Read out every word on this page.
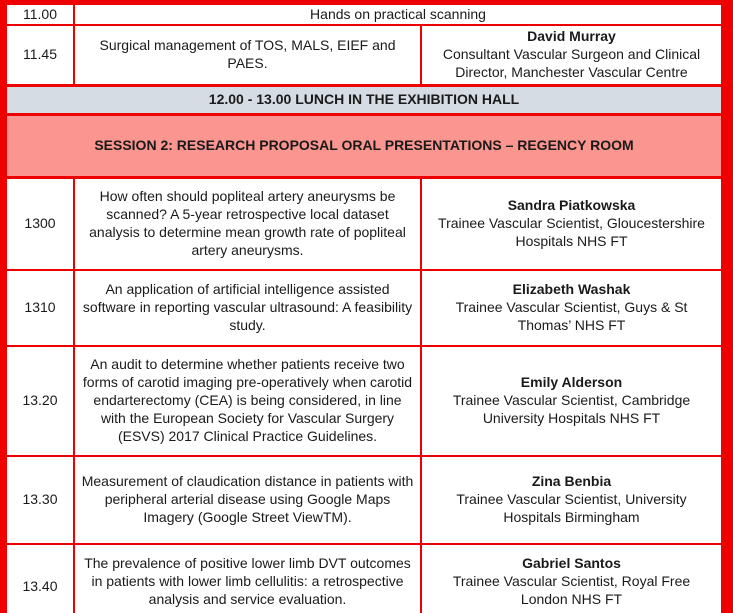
11.00	Hands on practical scanning	
11.45	Surgical management of TOS, MALS, EIEF and PAES.	David Murray
Consultant Vascular Surgeon and Clinical Director, Manchester Vascular Centre

12.00 - 13.00 LUNCH IN THE EXHIBITION HALL		
SESSION 2: RESEARCH PROPOSAL ORAL PRESENTATIONS – REGENCY ROOM		
1300	How often should popliteal artery aneurysms be scanned? A 5-year retrospective local dataset analysis to determine mean growth rate of popliteal artery aneurysms.	Sandra Piatkowska
Trainee Vascular Scientist, Gloucestershire Hospitals NHS FT

1310	An application of artificial intelligence assisted software in reporting vascular ultrasound: A feasibility study.	Elizabeth Washak
Trainee Vascular Scientist, Guys & St Thomas’ NHS FT

13.20	An audit to determine whether patients receive two forms of carotid imaging pre-operatively when carotid endarterectomy (CEA) is being considered, in line with the European Society for Vascular Surgery (ESVS) 2017 Clinical Practice Guidelines.	Emily Alderson
Trainee Vascular Scientist, Cambridge University Hospitals NHS FT

13.30	Measurement of claudication distance in patients with peripheral arterial disease using Google Maps Imagery (Google Street ViewTM).	Zina Benbia
Trainee Vascular Scientist, University Hospitals Birmingham

13.40	The prevalence of positive lower limb DVT outcomes in patients with lower limb cellulitis: a retrospective analysis and service evaluation.	Gabriel Santos
Trainee Vascular Scientist, Royal Free London NHS FT
